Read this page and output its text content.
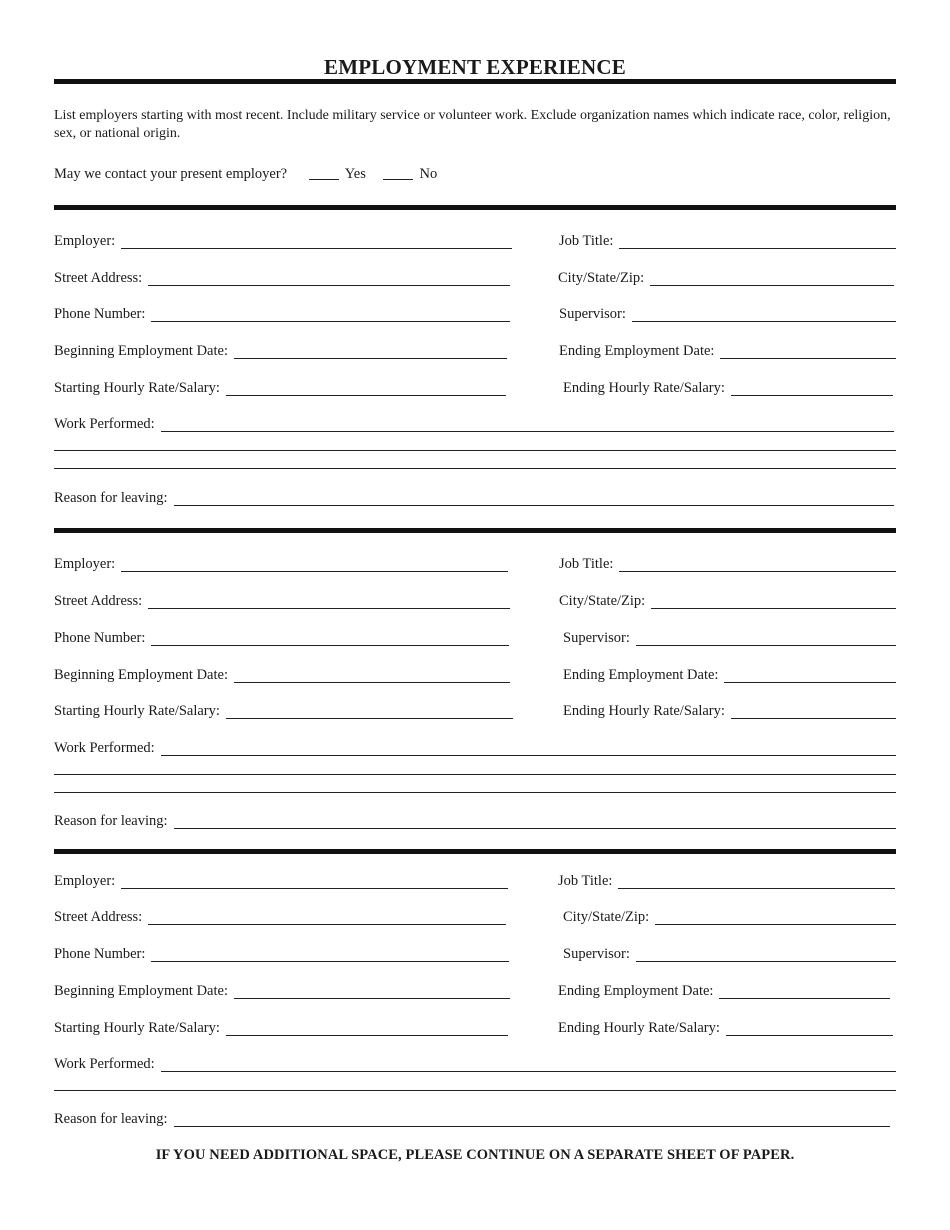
EMPLOYMENT EXPERIENCE
List employers starting with most recent. Include military service or volunteer work. Exclude organization names which indicate race, color, religion, sex, or national origin.
May we contact your present employer?	Yes	No
Employer:	Job Title:
Street Address:	City/State/Zip:
Phone Number:	Supervisor:
Beginning Employment Date:	Ending Employment Date:
Starting Hourly Rate/Salary:	Ending Hourly Rate/Salary:
Work Performed:
Reason for leaving:
Employer:	Job Title:
Street Address:	City/State/Zip:
Phone Number:	Supervisor:
Beginning Employment Date:	Ending Employment Date:
Starting Hourly Rate/Salary:	Ending Hourly Rate/Salary:
Work Performed:
Reason for leaving:
Employer:	Job Title:
Street Address:	City/State/Zip:
Phone Number:	Supervisor:
Beginning Employment Date:	Ending Employment Date:
Starting Hourly Rate/Salary:	Ending Hourly Rate/Salary:
Work Performed:
Reason for leaving:
IF YOU NEED ADDITIONAL SPACE, PLEASE CONTINUE ON A SEPARATE SHEET OF PAPER.
